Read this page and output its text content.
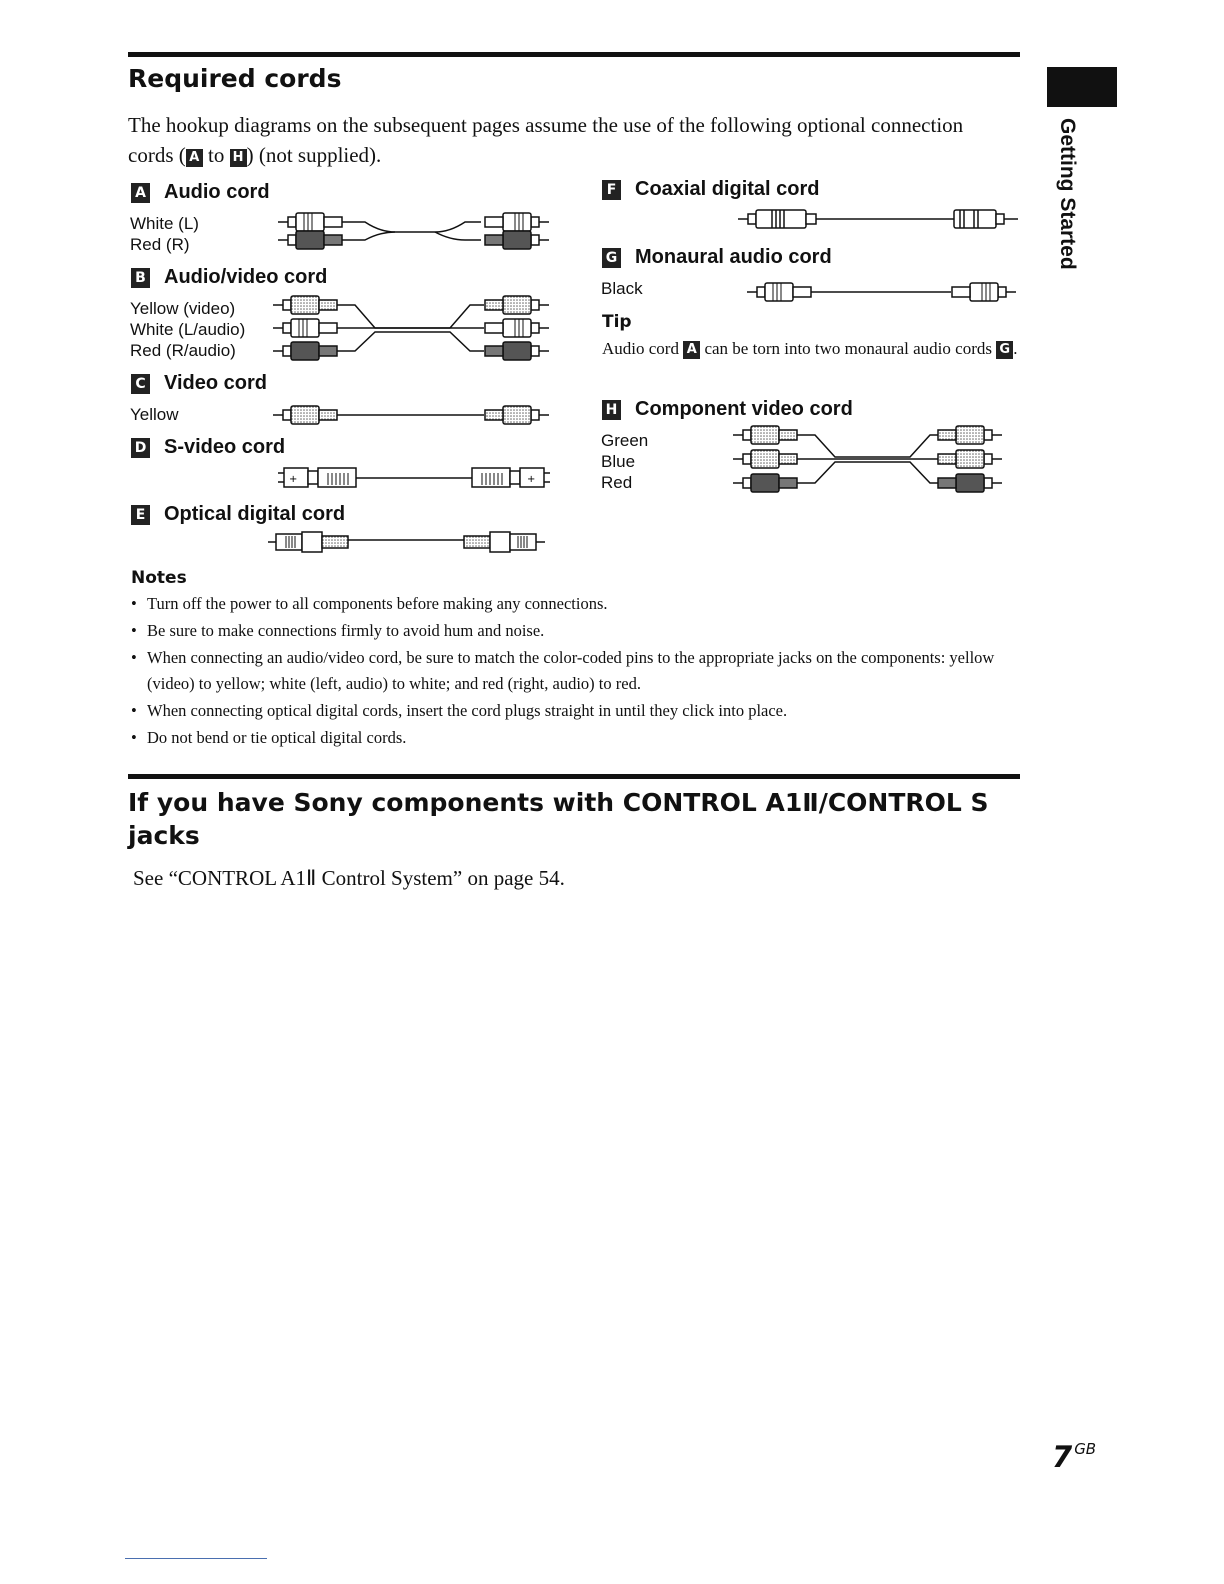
Required cords

The hookup diagrams on the subsequent pages assume the use of the following optional connection cords ( A to H ) (not supplied).

A Audio cord
White (L)
Red (R)
B Audio/video cord
Yellow (video)
White (L/audio)
Red (R/audio)
C Video cord
Yellow
D S-video cord
+	+
E Optical digital cord
F Coaxial digital cord
G Monaural audio cord
Black
Tip
Audio cord A can be torn into two monaural audio cords G .
H Component video cord
Green
Blue
Red
Notes
• Turn off the power to all components before making any connections.
• Be sure to make connections firmly to avoid hum and noise.
• When connecting an audio/video cord, be sure to match the color-coded pins to the appropriate jacks on the components: yellow (video) to yellow; white (left, audio) to white; and red (right, audio) to red.
• When connecting optical digital cords, insert the cord plugs straight in until they click into place.
• Do not bend or tie optical digital cords.
If you have Sony components with CONTROL A1Ⅱ/CONTROL S jacks
See “CONTROL A1Ⅱ Control System” on page 54.
Getting Started
7 $^{GB}$
